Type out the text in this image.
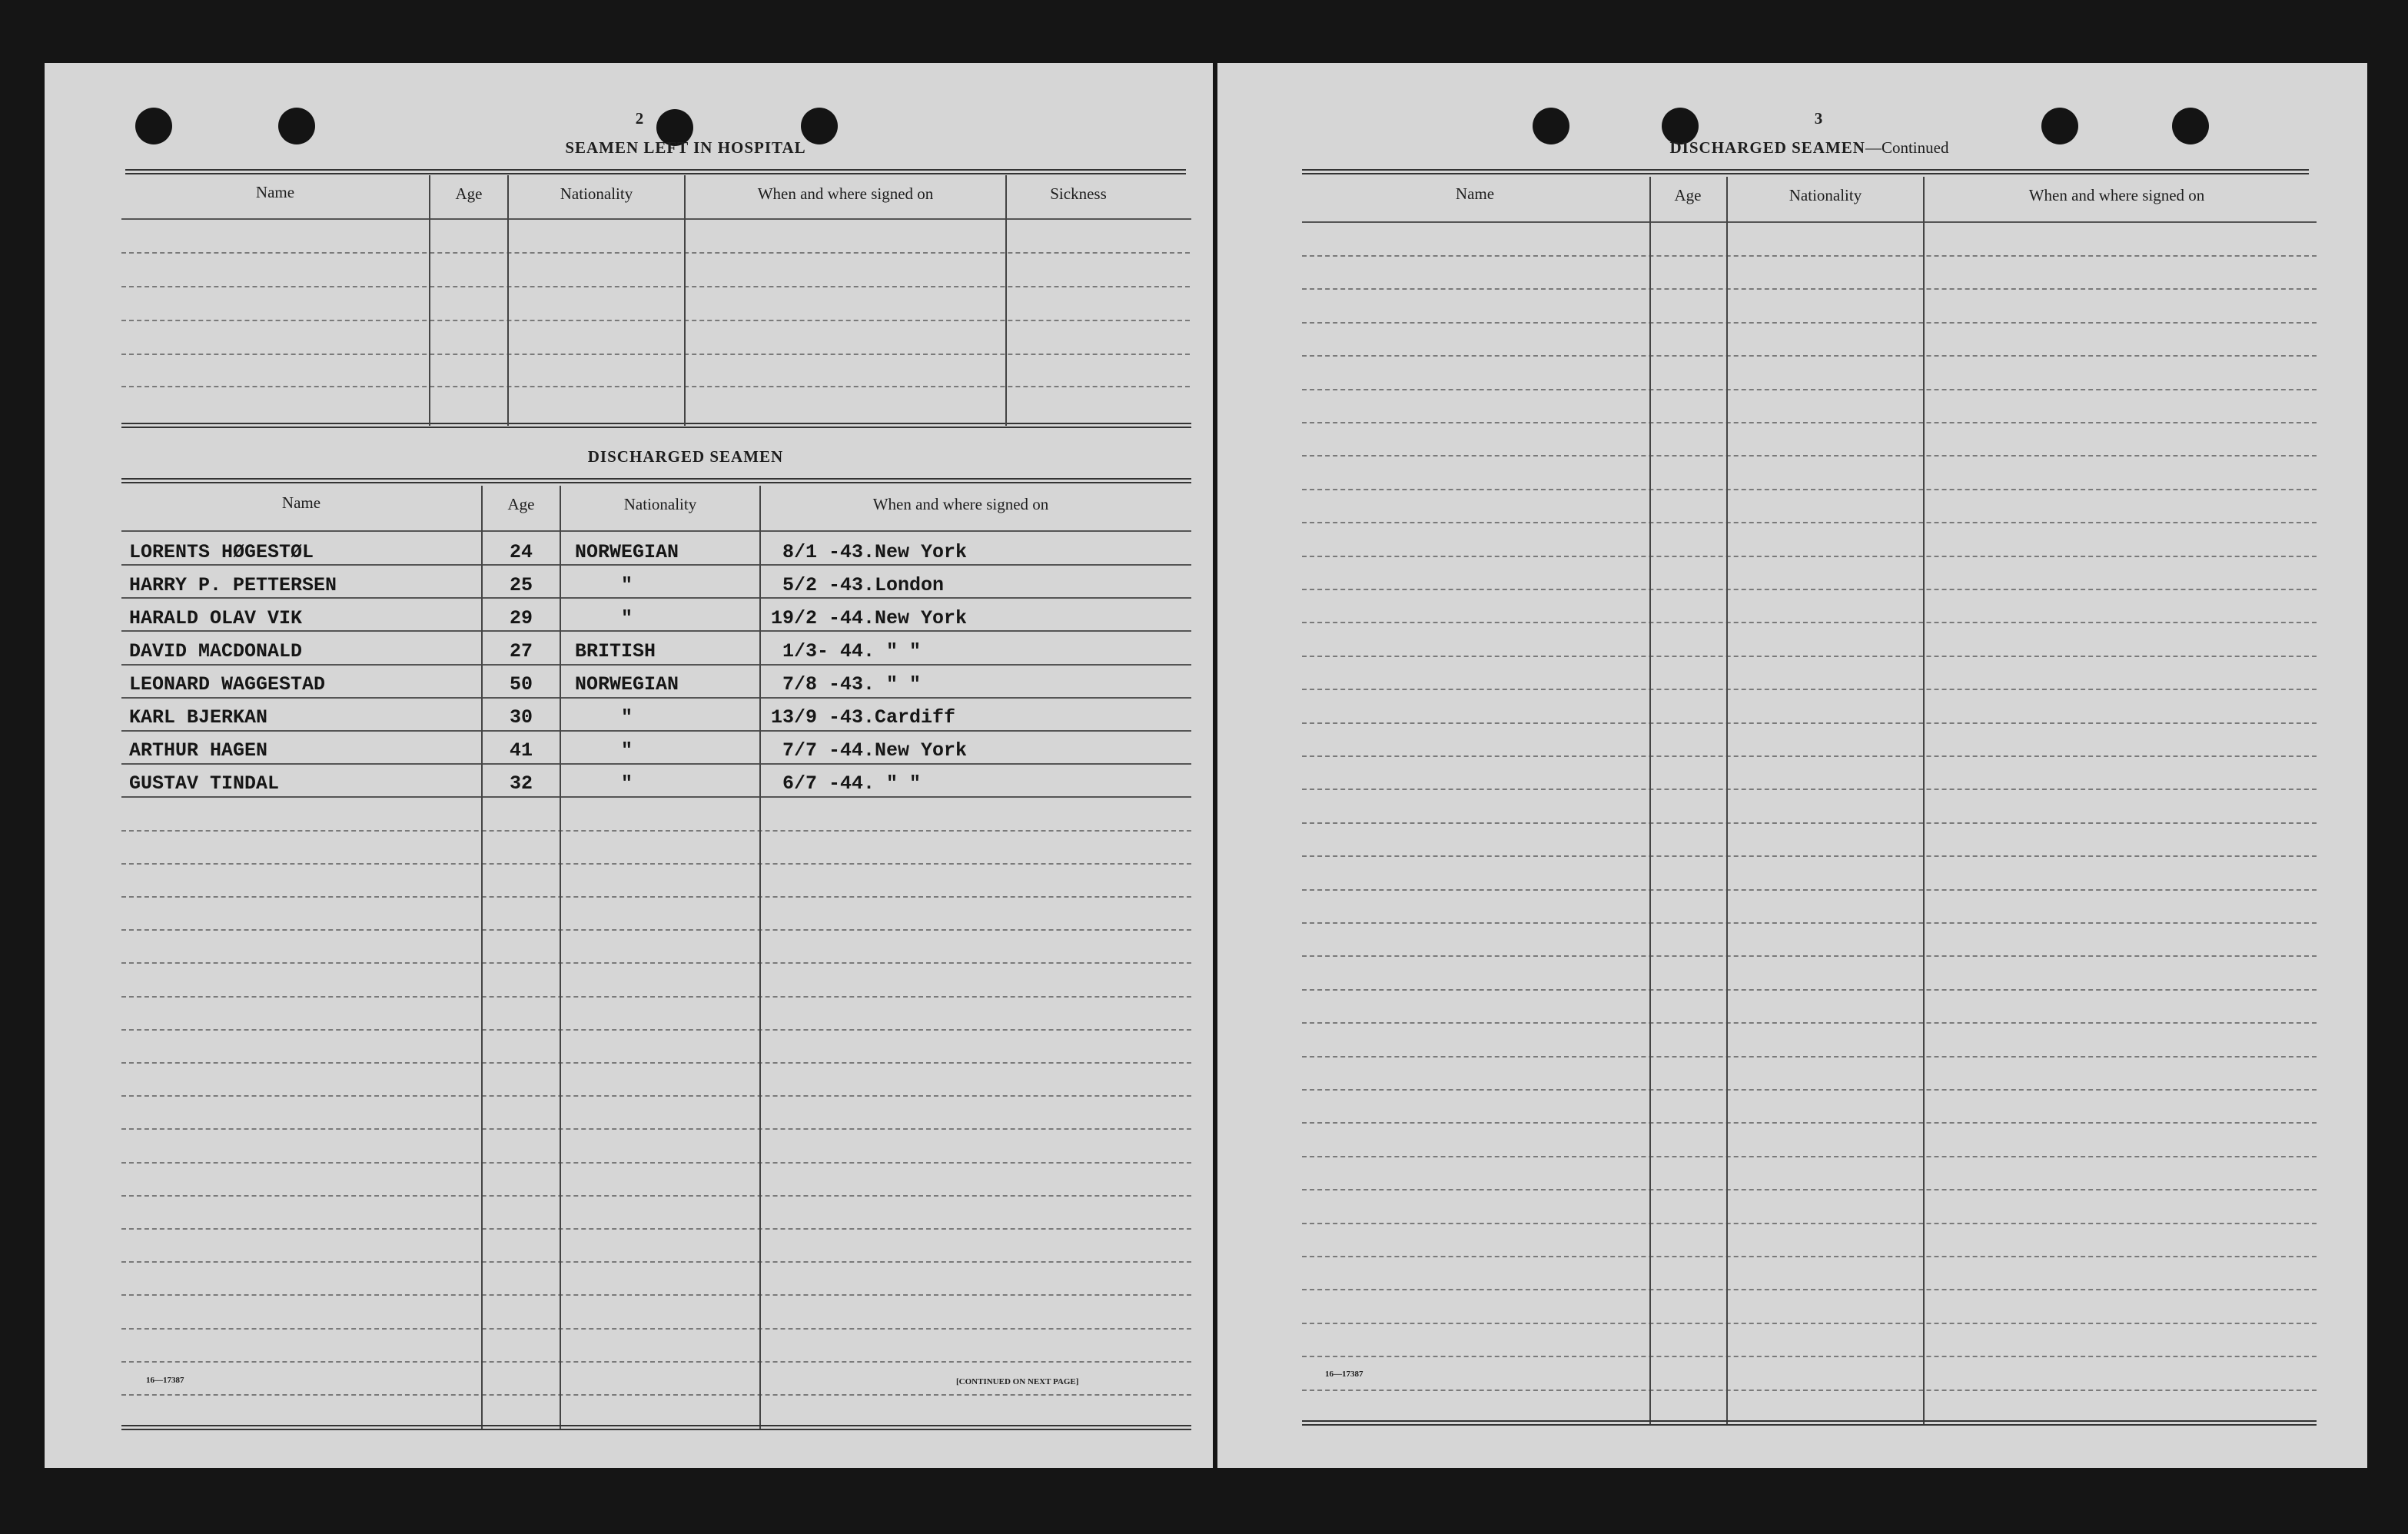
2
SEAMEN LEFT IN HOSPITAL
Name	Age	Nationality	When and where signed on	Sickness
DISCHARGED SEAMEN
Name	Age	Nationality	When and where signed on
LORENTS HØGESTØL	24 NORWEGIAN	8/1 -43.New York
HARRY P. PETTERSEN	25	"	5/2 -43.London
HARALD OLAV VIK	29	"	19/2 -44.New York
DAVID MACDONALD	27 BRITISH	1/3- 44. " "
LEONARD WAGGESTAD	50 NORWEGIAN	7/8 -43. " "
KARL BJERKAN	30	"	13/9 -43.Cardiff
ARTHUR HAGEN	41	"	7/7 -44.New York
GUSTAV TINDAL	32	"	6/7 -44. " "
16—17387	[CONTINUED ON NEXT PAGE]
3
DISCHARGED SEAMEN—Continued
Name	Age	Nationality	When and where signed on
16—17387
